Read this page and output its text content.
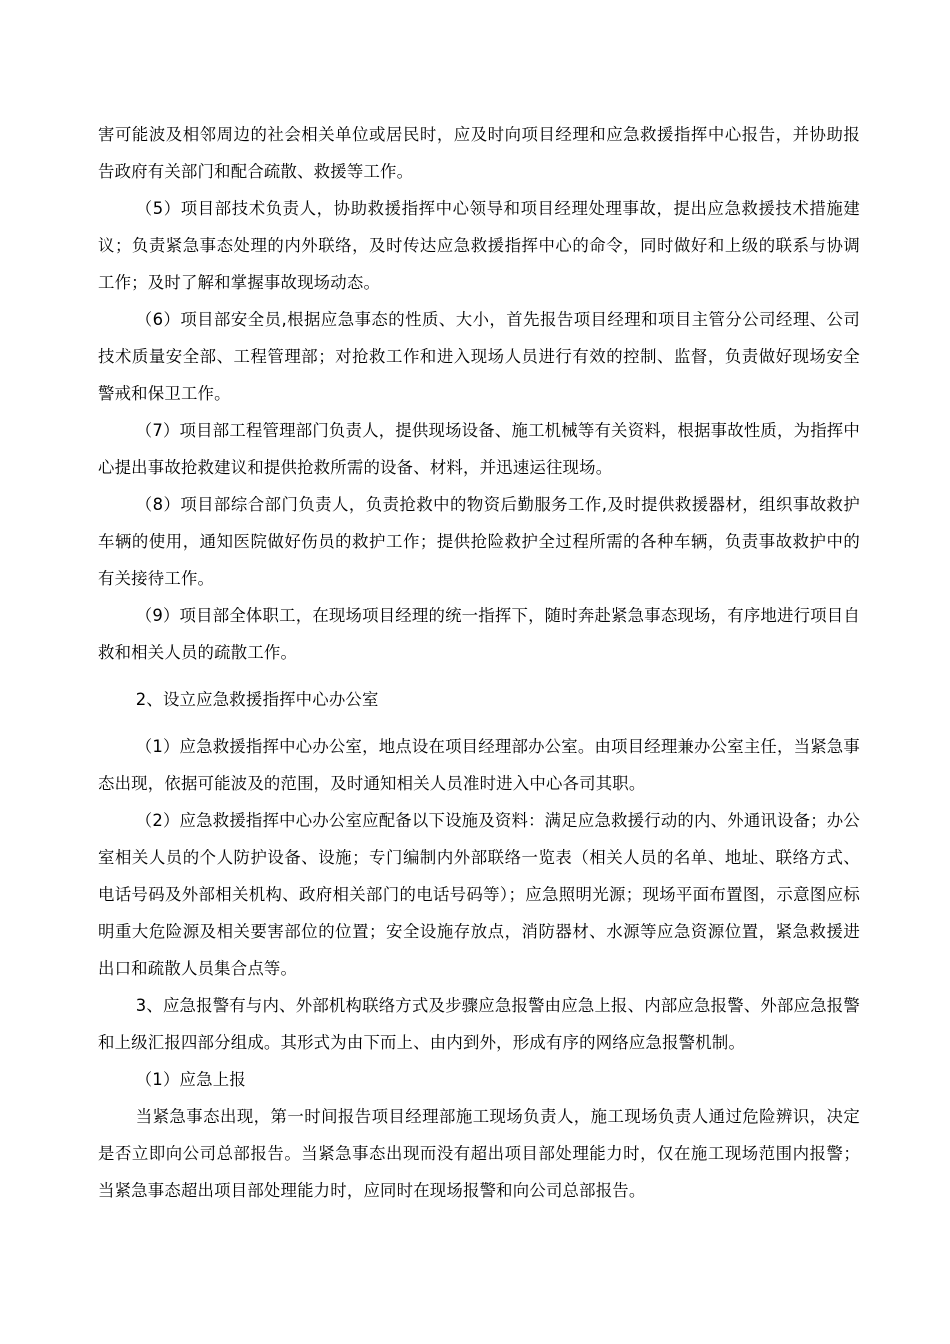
害可能波及相邻周边的社会相关单位或居民时，应及时向项目经理和应急救援指挥中心报告，并协助报告政府有关部门和配合疏散、救援等工作。

（5）项目部技术负责人，协助救援指挥中心领导和项目经理处理事故，提出应急救援技术措施建议；负责紧急事态处理的内外联络，及时传达应急救援指挥中心的命令，同时做好和上级的联系与协调工作；及时了解和掌握事故现场动态。

（6）项目部安全员,根据应急事态的性质、大小，首先报告项目经理和项目主管分公司经理、公司技术质量安全部、工程管理部；对抢救工作和进入现场人员进行有效的控制、监督，负责做好现场安全警戒和保卫工作。

（7）项目部工程管理部门负责人，提供现场设备、施工机械等有关资料，根据事故性质，为指挥中心提出事故抢救建议和提供抢救所需的设备、材料，并迅速运往现场。

（8）项目部综合部门负责人，负责抢救中的物资后勤服务工作,及时提供救援器材，组织事故救护车辆的使用，通知医院做好伤员的救护工作；提供抢险救护全过程所需的各种车辆，负责事故救护中的有关接待工作。

（9）项目部全体职工，在现场项目经理的统一指挥下，随时奔赴紧急事态现场，有序地进行项目自救和相关人员的疏散工作。

2、设立应急救援指挥中心办公室

（1）应急救援指挥中心办公室，地点设在项目经理部办公室。由项目经理兼办公室主任，当紧急事态出现，依据可能波及的范围，及时通知相关人员准时进入中心各司其职。

（2）应急救援指挥中心办公室应配备以下设施及资料：满足应急救援行动的内、外通讯设备；办公室相关人员的个人防护设备、设施；专门编制内外部联络一览表（相关人员的名单、地址、联络方式、电话号码及外部相关机构、政府相关部门的电话号码等）；应急照明光源；现场平面布置图，示意图应标明重大危险源及相关要害部位的位置；安全设施存放点，消防器材、水源等应急资源位置，紧急救援进出口和疏散人员集合点等。

3、应急报警有与内、外部机构联络方式及步骤应急报警由应急上报、内部应急报警、外部应急报警和上级汇报四部分组成。其形式为由下而上、由内到外，形成有序的网络应急报警机制。

（1）应急上报

当紧急事态出现，第一时间报告项目经理部施工现场负责人，施工现场负责人通过危险辨识，决定是否立即向公司总部报告。当紧急事态出现而没有超出项目部处理能力时，仅在施工现场范围内报警；当紧急事态超出项目部处理能力时，应同时在现场报警和向公司总部报告。
